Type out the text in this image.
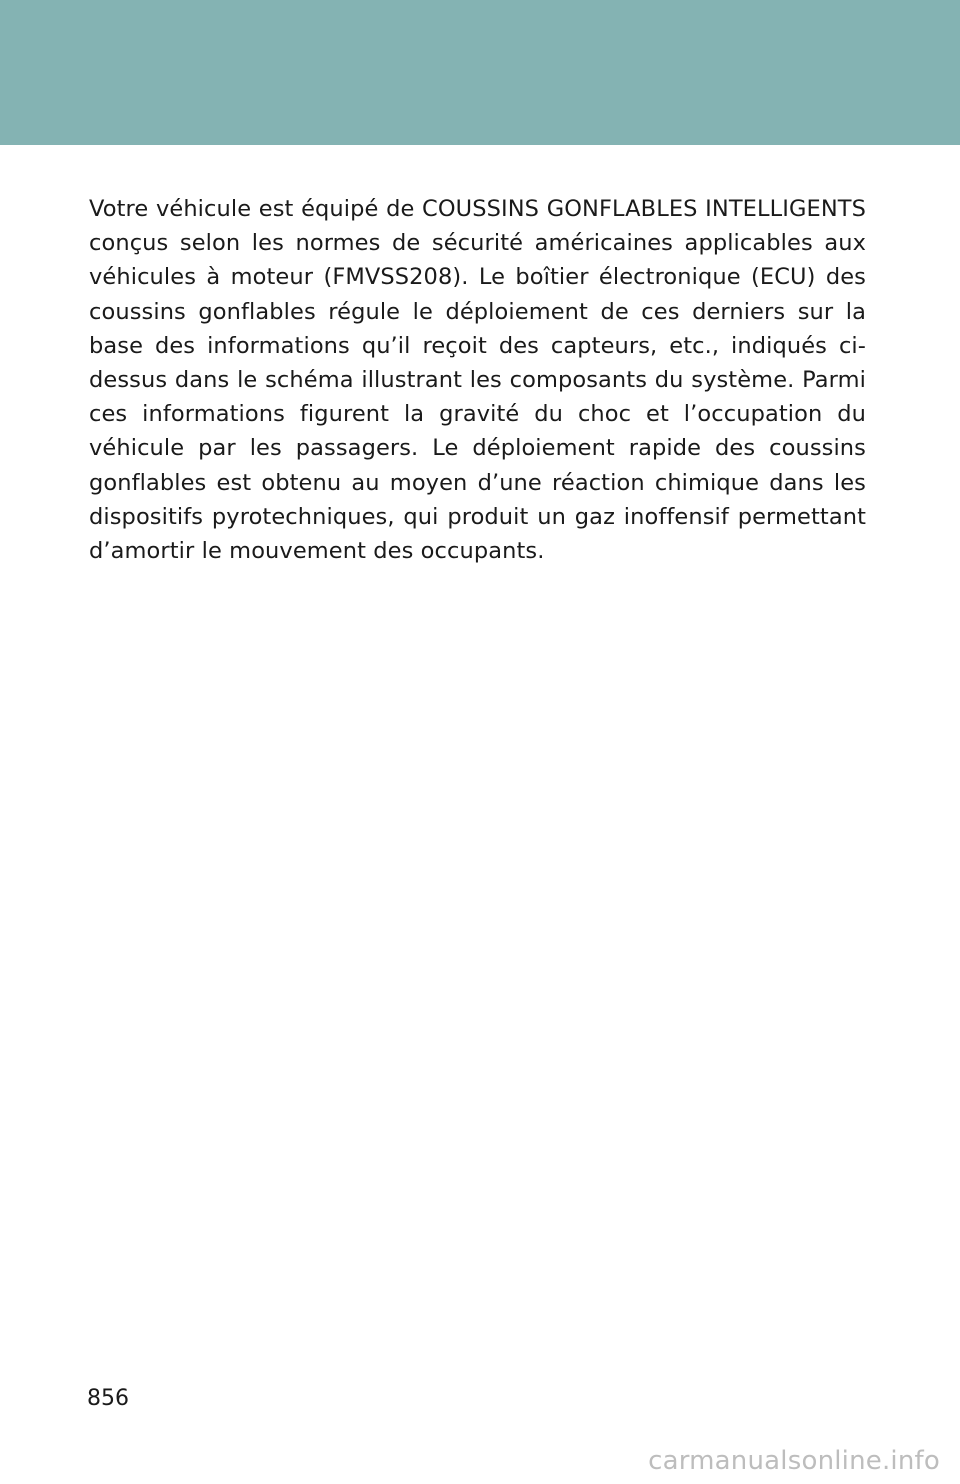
Votre véhicule est équipé de COUSSINS GONFLABLES INTELLIGENTS conçus selon les normes de sécurité américaines applicables aux véhicules à moteur (FMVSS208). Le boîtier électronique (ECU) des coussins gonflables régule le déploiement de ces derniers sur la base des informations qu’il reçoit des capteurs, etc., indiqués ci-dessus dans le schéma illustrant les composants du système. Parmi ces informations figurent la gravité du choc et l’occupation du véhicule par les passagers. Le déploiement rapide des coussins gonflables est obtenu au moyen d’une réaction chimique dans les dispositifs pyrotechniques, qui produit un gaz inoffensif permettant d’amortir le mouvement des occupants.

856
carmanualsonline.info
